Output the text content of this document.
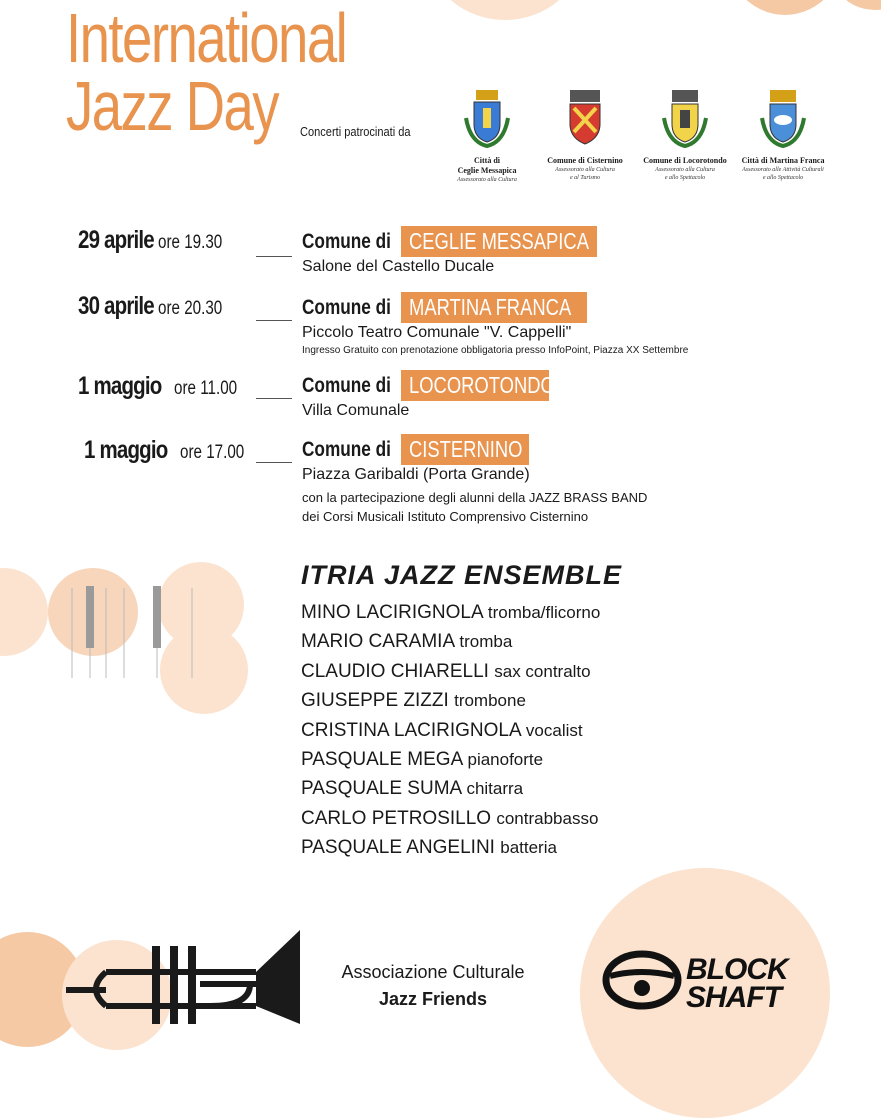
International
Jazz Day	Concerti patrocinati da
Città di
Ceglie Messapica
Assessorato alla Cultura
Comune di Cisternino
Assessorato alla Cultura
e al Turismo
Comune di Locorotondo
Assessorato alla Cultura
e allo Spettacolo
Città di Martina Franca
Assessorato alle Attività Culturali
e allo Spettacolo
29 aprile ore 19.30	Comune di CEGLIE MESSAPICA
Salone del Castello Ducale
30 aprile ore 20.30	Comune di MARTINA FRANCA
Piccolo Teatro Comunale "V. Cappelli"
Ingresso Gratuito con prenotazione obbligatoria presso InfoPoint, Piazza XX Settembre
1 maggio ore 11.00	Comune di LOCOROTONDO
Villa Comunale
1 maggio ore 17.00	Comune di CISTERNINO
Piazza Garibaldi (Porta Grande)
con la partecipazione degli alunni della JAZZ BRASS BAND
dei Corsi Musicali Istituto Comprensivo Cisternino
ITRIA JAZZ ENSEMBLE
MINO LACIRIGNOLA tromba/flicorno
MARIO CARAMIA tromba
CLAUDIO CHIARELLI sax contralto
GIUSEPPE ZIZZI trombone
CRISTINA LACIRIGNOLA vocalist
PASQUALE MEGA pianoforte
PASQUALE SUMA chitarra
CARLO PETROSILLO contrabbasso
PASQUALE ANGELINI batteria
Associazione Culturale
Jazz Friends
BLOCK
SHAFT
